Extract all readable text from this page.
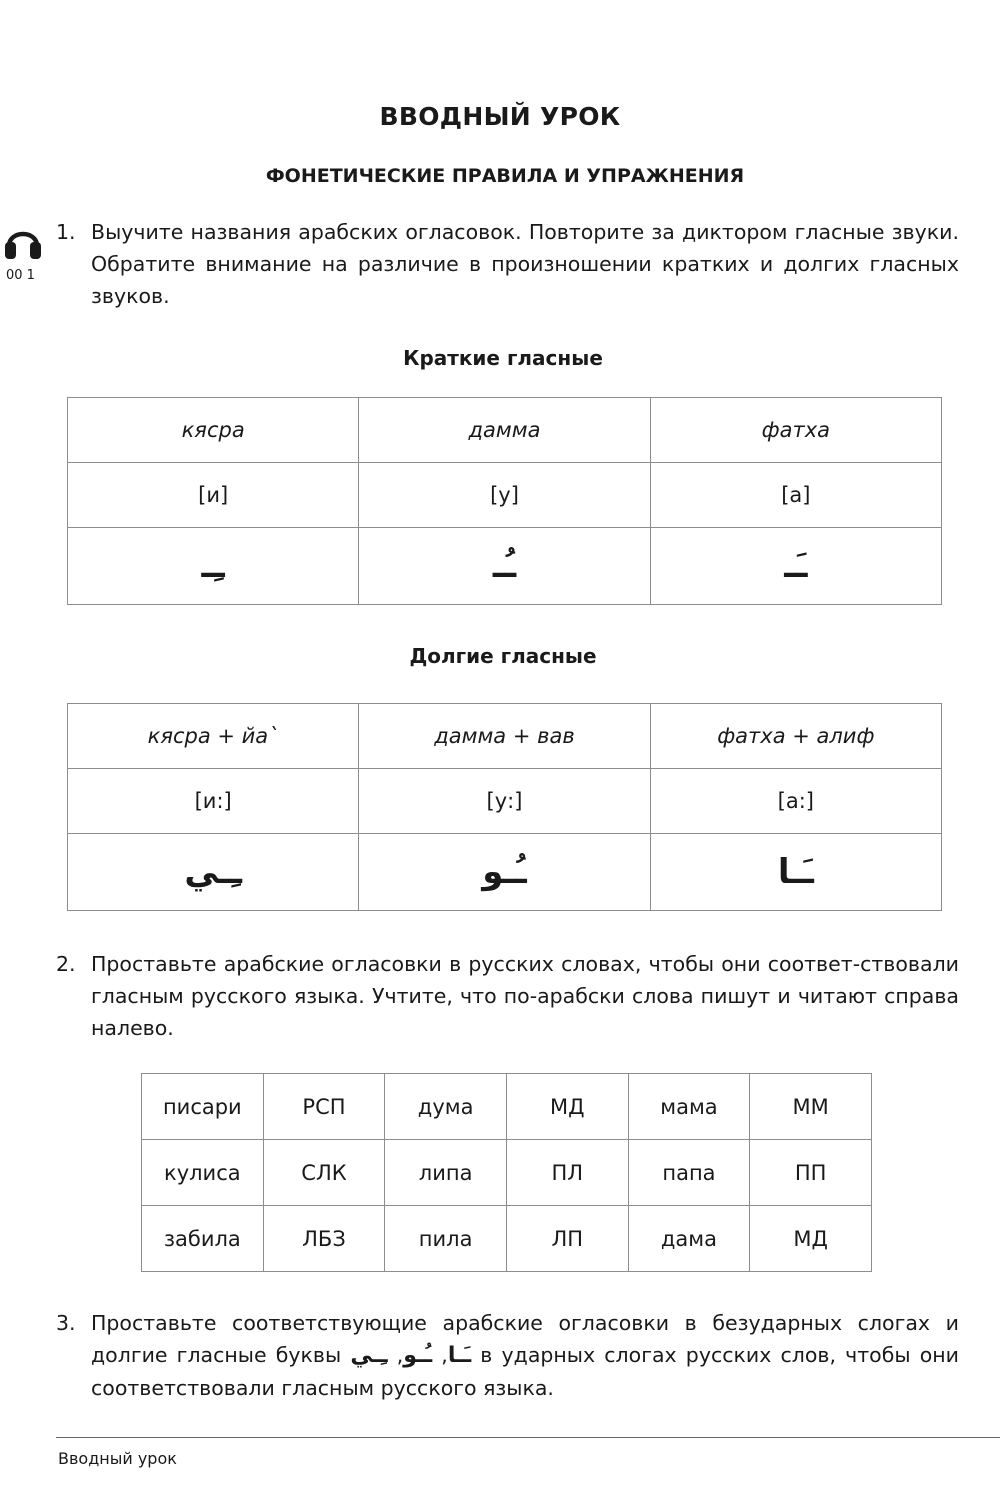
ВВОДНЫЙ УРОК
ФОНЕТИЧЕСКИЕ ПРАВИЛА И УПРАЖНЕНИЯ
00 1
1. Выучите названия арабских огласовок. Повторите за диктором гласные звуки. Обратите внимание на различие в произношении кратких и долгих гласных звуков.
Краткие гласные
кясра	дамма	фатха
[и]	[у]	[а]
ـِـ	ـُـ	ـَـ
Долгие гласные
кясра + йа`	дамма + вав	фатха + алиф
[и:]	[у:]	[а:]
ـِـي	ـُـو	ـَـا
2. Проставьте арабские огласовки в русских словах, чтобы они соответ-ствовали гласным русского языка. Учтите, что по-арабски слова пишут и читают справа налево.
писари	РСП	дума	МД	мама	ММ
кулиса	СЛК	липа	ПЛ	папа	ПП
забила	ЛБЗ	пила	ЛП	дама	МД
3. Проставьте соответствующие арабские огласовки в безударных слогах и долгие гласные буквы	ـَـا, ـُـو, ـِـي	в ударных слогах русских слов, чтобы они соответствовали гласным русского языка.
Вводный урок
